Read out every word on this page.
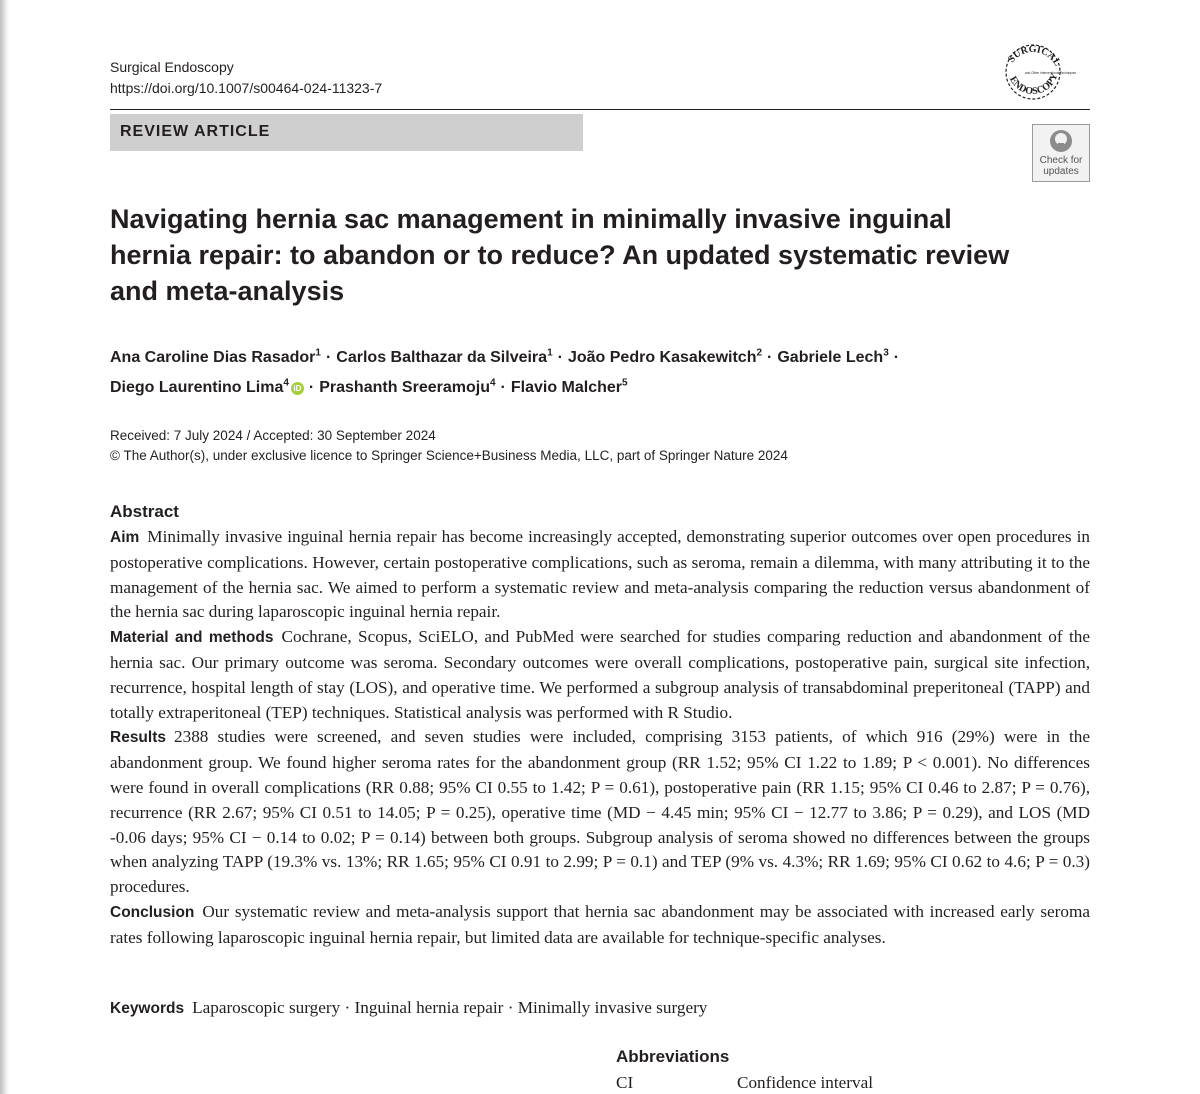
Surgical Endoscopy
https://doi.org/10.1007/s00464-024-11323-7
SURGICAL
ENDOSCOPY
and Other Interventional Techniques
REVIEW ARTICLE
Check for
updates
Navigating hernia sac management in minimally invasive inguinal hernia repair: to abandon or to reduce? An updated systematic review and meta-analysis
Ana Caroline Dias Rasador$^1$ · Carlos Balthazar da Silveira$^1$ · João Pedro Kasakewitch$^2$ · Gabriele Lech$^3$ ·
Diego Laurentino Lima$^4$ iD · Prashanth Sreeramoju$^4$ · Flavio Malcher$^5$
Received: 7 July 2024 / Accepted: 30 September 2024
© The Author(s), under exclusive licence to Springer Science+Business Media, LLC, part of Springer Nature 2024
Abstract

Aim Minimally invasive inguinal hernia repair has become increasingly accepted, demonstrating superior outcomes over open procedures in postoperative complications. However, certain postoperative complications, such as seroma, remain a dilemma, with many attributing it to the management of the hernia sac. We aimed to perform a systematic review and meta-analysis comparing the reduction versus abandonment of the hernia sac during laparoscopic inguinal hernia repair.

Material and methods Cochrane, Scopus, SciELO, and PubMed were searched for studies comparing reduction and abandonment of the hernia sac. Our primary outcome was seroma. Secondary outcomes were overall complications, postoperative pain, surgical site infection, recurrence, hospital length of stay (LOS), and operative time. We performed a subgroup analysis of transabdominal preperitoneal (TAPP) and totally extraperitoneal (TEP) techniques. Statistical analysis was performed with R Studio.

Results 2388 studies were screened, and seven studies were included, comprising 3153 patients, of which 916 (29%) were in the abandonment group. We found higher seroma rates for the abandonment group (RR 1.52; 95% CI 1.22 to 1.89; P < 0.001). No differences were found in overall complications (RR 0.88; 95% CI 0.55 to 1.42; P = 0.61), postoperative pain (RR 1.15; 95% CI 0.46 to 2.87; P = 0.76), recurrence (RR 2.67; 95% CI 0.51 to 14.05; P = 0.25), operative time (MD − 4.45 min; 95% CI − 12.77 to 3.86; P = 0.29), and LOS (MD -0.06 days; 95% CI − 0.14 to 0.02; P = 0.14) between both groups. Subgroup analysis of seroma showed no differences between the groups when analyzing TAPP (19.3% vs. 13%; RR 1.65; 95% CI 0.91 to 2.99; P = 0.1) and TEP (9% vs. 4.3%; RR 1.69; 95% CI 0.62 to 4.6; P = 0.3) procedures.

Conclusion Our systematic review and meta-analysis support that hernia sac abandonment may be associated with increased early seroma rates following laparoscopic inguinal hernia repair, but limited data are available for technique-specific analyses.

Keywords Laparoscopic surgery · Inguinal hernia repair · Minimally invasive surgery
Abbreviations
CI	Confidence interval
